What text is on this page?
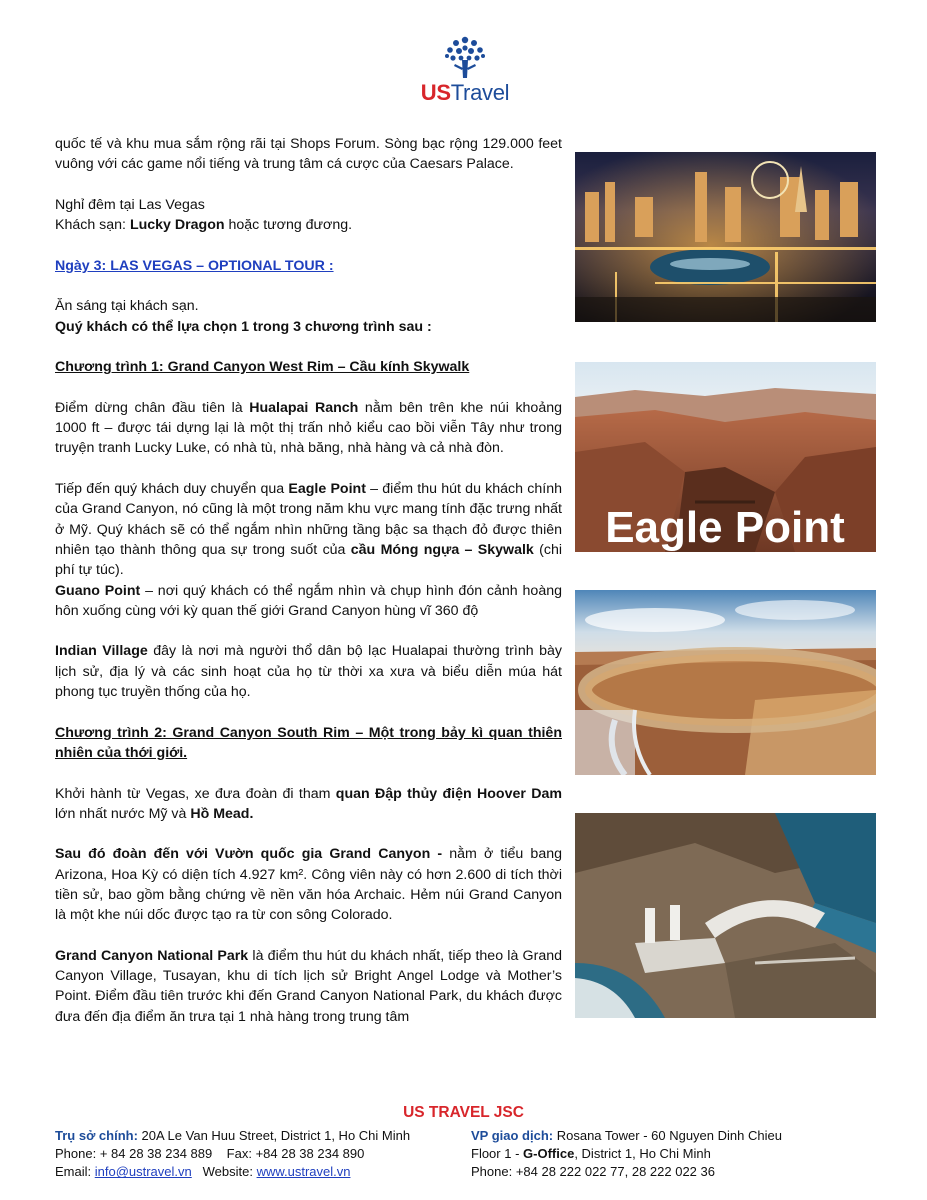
USTravel

quốc tế và khu mua sắm rộng rãi tại Shops Forum. Sòng bạc rộng 129.000 feet vuông với các game nổi tiếng và trung tâm cá cược của Caesars Palace.

Nghỉ đêm tại Las Vegas

Khách sạn: Lucky Dragon hoặc tương đương.

Ngày 3: LAS VEGAS – OPTIONAL TOUR :

Ăn sáng tại khách sạn.

Quý khách có thể lựa chọn 1 trong 3 chương trình sau :

Chương trình 1: Grand Canyon West Rim – Cầu kính Skywalk

Điểm dừng chân đầu tiên là Hualapai Ranch nằm bên trên khe núi khoảng 1000 ft – được tái dựng lại là một thị trấn nhỏ kiểu cao bồi viễn Tây như trong truyện tranh Lucky Luke, có nhà tù, nhà băng, nhà hàng và cả nhà đòn.

Tiếp đến quý khách duy chuyển qua Eagle Point – điểm thu hút du khách chính của Grand Canyon, nó cũng là một trong năm khu vực mang tính đặc trưng nhất ở Mỹ. Quý khách sẽ có thể ngắm nhìn những tầng bậc sa thạch đỏ được thiên nhiên tạo thành thông qua sự trong suốt của cầu Móng ngựa – Skywalk (chi phí tự túc).

Guano Point – nơi quý khách có thể ngắm nhìn và chụp hình đón cảnh hoàng hôn xuống cùng với kỳ quan thế giới Grand Canyon hùng vĩ 360 độ

Indian Village đây là nơi mà người thổ dân bộ lạc Hualapai thường trình bày lịch sử, địa lý và các sinh hoạt của họ từ thời xa xưa và biểu diễn múa hát phong tục truyền thống của họ.

Chương trình 2: Grand Canyon South Rim – Một trong bảy kì quan thiên nhiên của thới giới.

Khởi hành từ Vegas, xe đưa đoàn đi tham quan Đập thủy điện Hoover Dam lớn nhất nước Mỹ và Hồ Mead.

Sau đó đoàn đến với Vườn quốc gia Grand Canyon - nằm ở tiểu bang Arizona, Hoa Kỳ có diện tích 4.927 km². Công viên này có hơn 2.600 di tích thời tiền sử, bao gồm bằng chứng về nền văn hóa Archaic. Hẻm núi Grand Canyon là một khe núi dốc được tạo ra từ con sông Colorado.

Grand Canyon National Park là điểm thu hút du khách nhất, tiếp theo là Grand Canyon Village, Tusayan, khu di tích lịch sử Bright Angel Lodge và Mother’s Point. Điểm đầu tiên trước khi đến Grand Canyon National Park, du khách được đưa đến địa điểm ăn trưa tại 1 nhà hàng trong trung tâm

Eagle Point
US TRAVEL JSC
Trụ sở chính: 20A Le Van Huu Street, District 1, Ho Chi Minh
Phone: + 84 28 38 234 889    Fax: +84 28 38 234 890
Email: info@ustravel.vn   Website: www.ustravel.vn
VP giao dịch: Rosana Tower - 60 Nguyen Dinh Chieu
Floor 1 - G-Office, District 1, Ho Chi Minh
Phone: +84 28 222 022 77, 28 222 022 36
